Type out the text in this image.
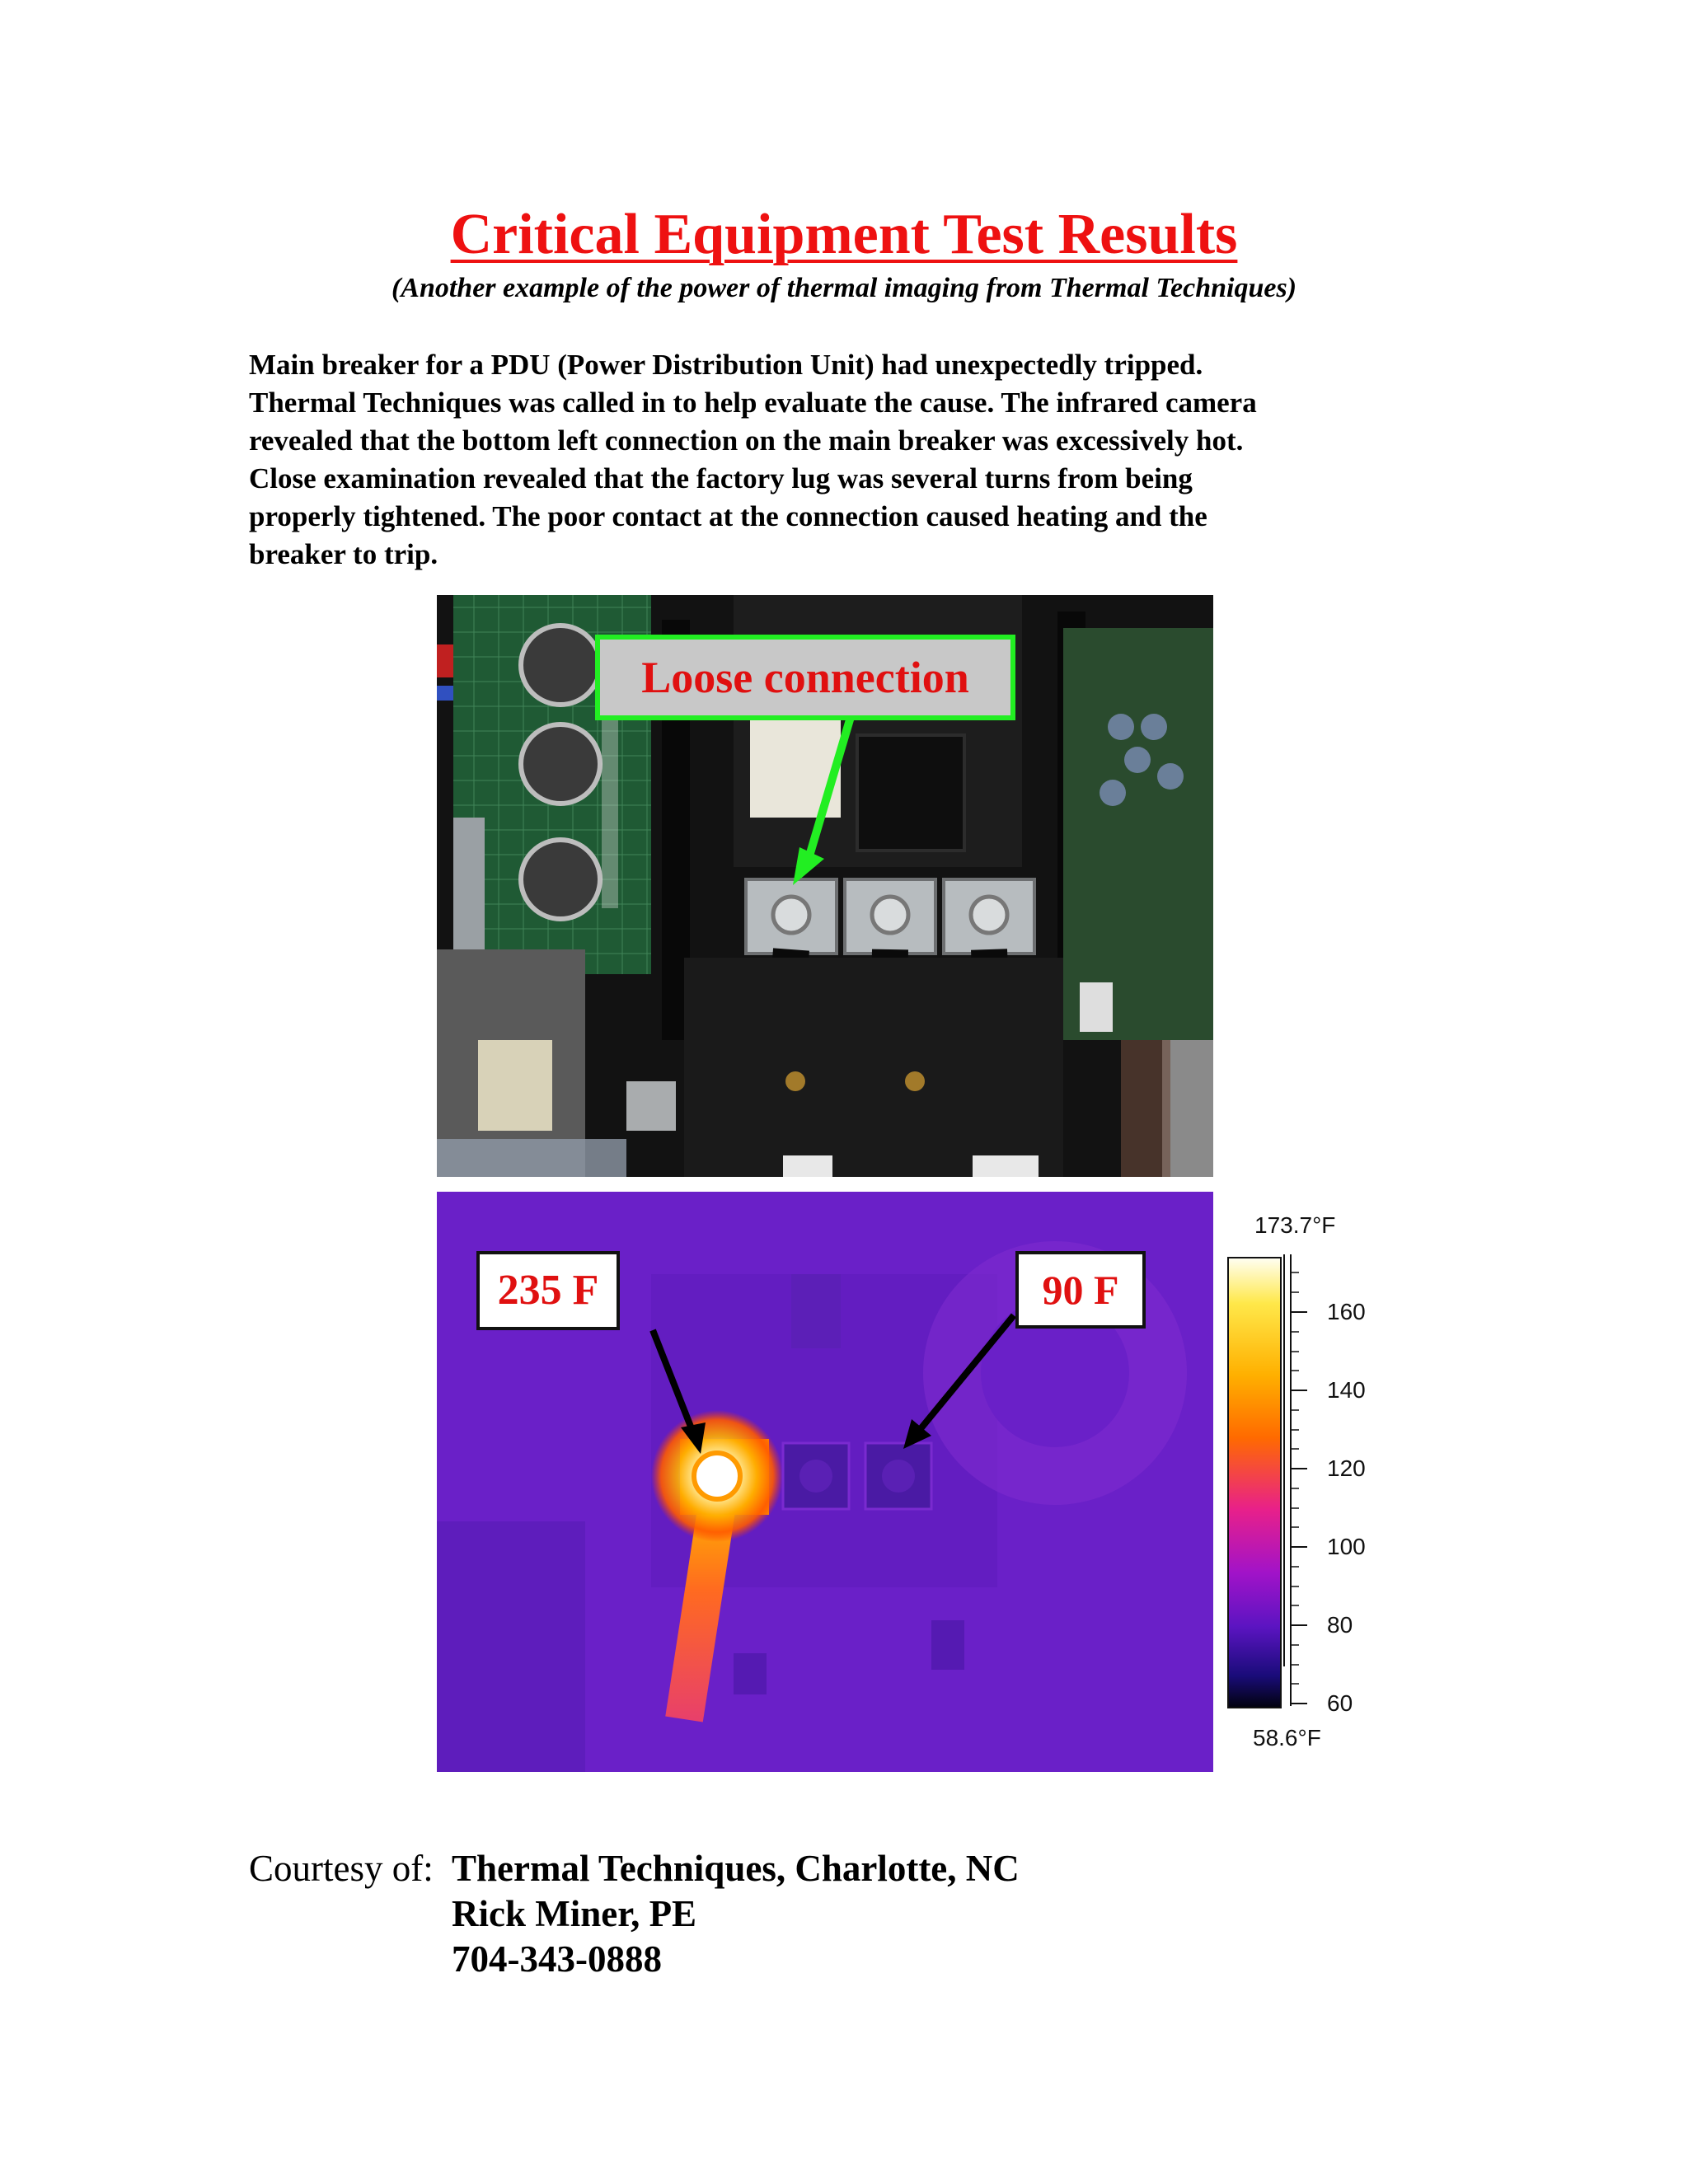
Critical Equipment Test Results
(Another example of the power of thermal imaging from Thermal Techniques)
Main breaker for a PDU (Power Distribution Unit) had unexpectedly tripped.
Thermal Techniques was called in to help evaluate the cause. The infrared camera
revealed that the bottom left connection on the main breaker was excessively hot.
Close examination revealed that the factory lug was several turns from being
properly tightened. The poor contact at the connection caused heating and the
breaker to trip.
Loose connection
235 F	90 F
173.7°F
160
140
120
100
80
60
58.6°F
Courtesy of: Thermal Techniques, Charlotte, NC
Rick Miner, PE
704-343-0888
